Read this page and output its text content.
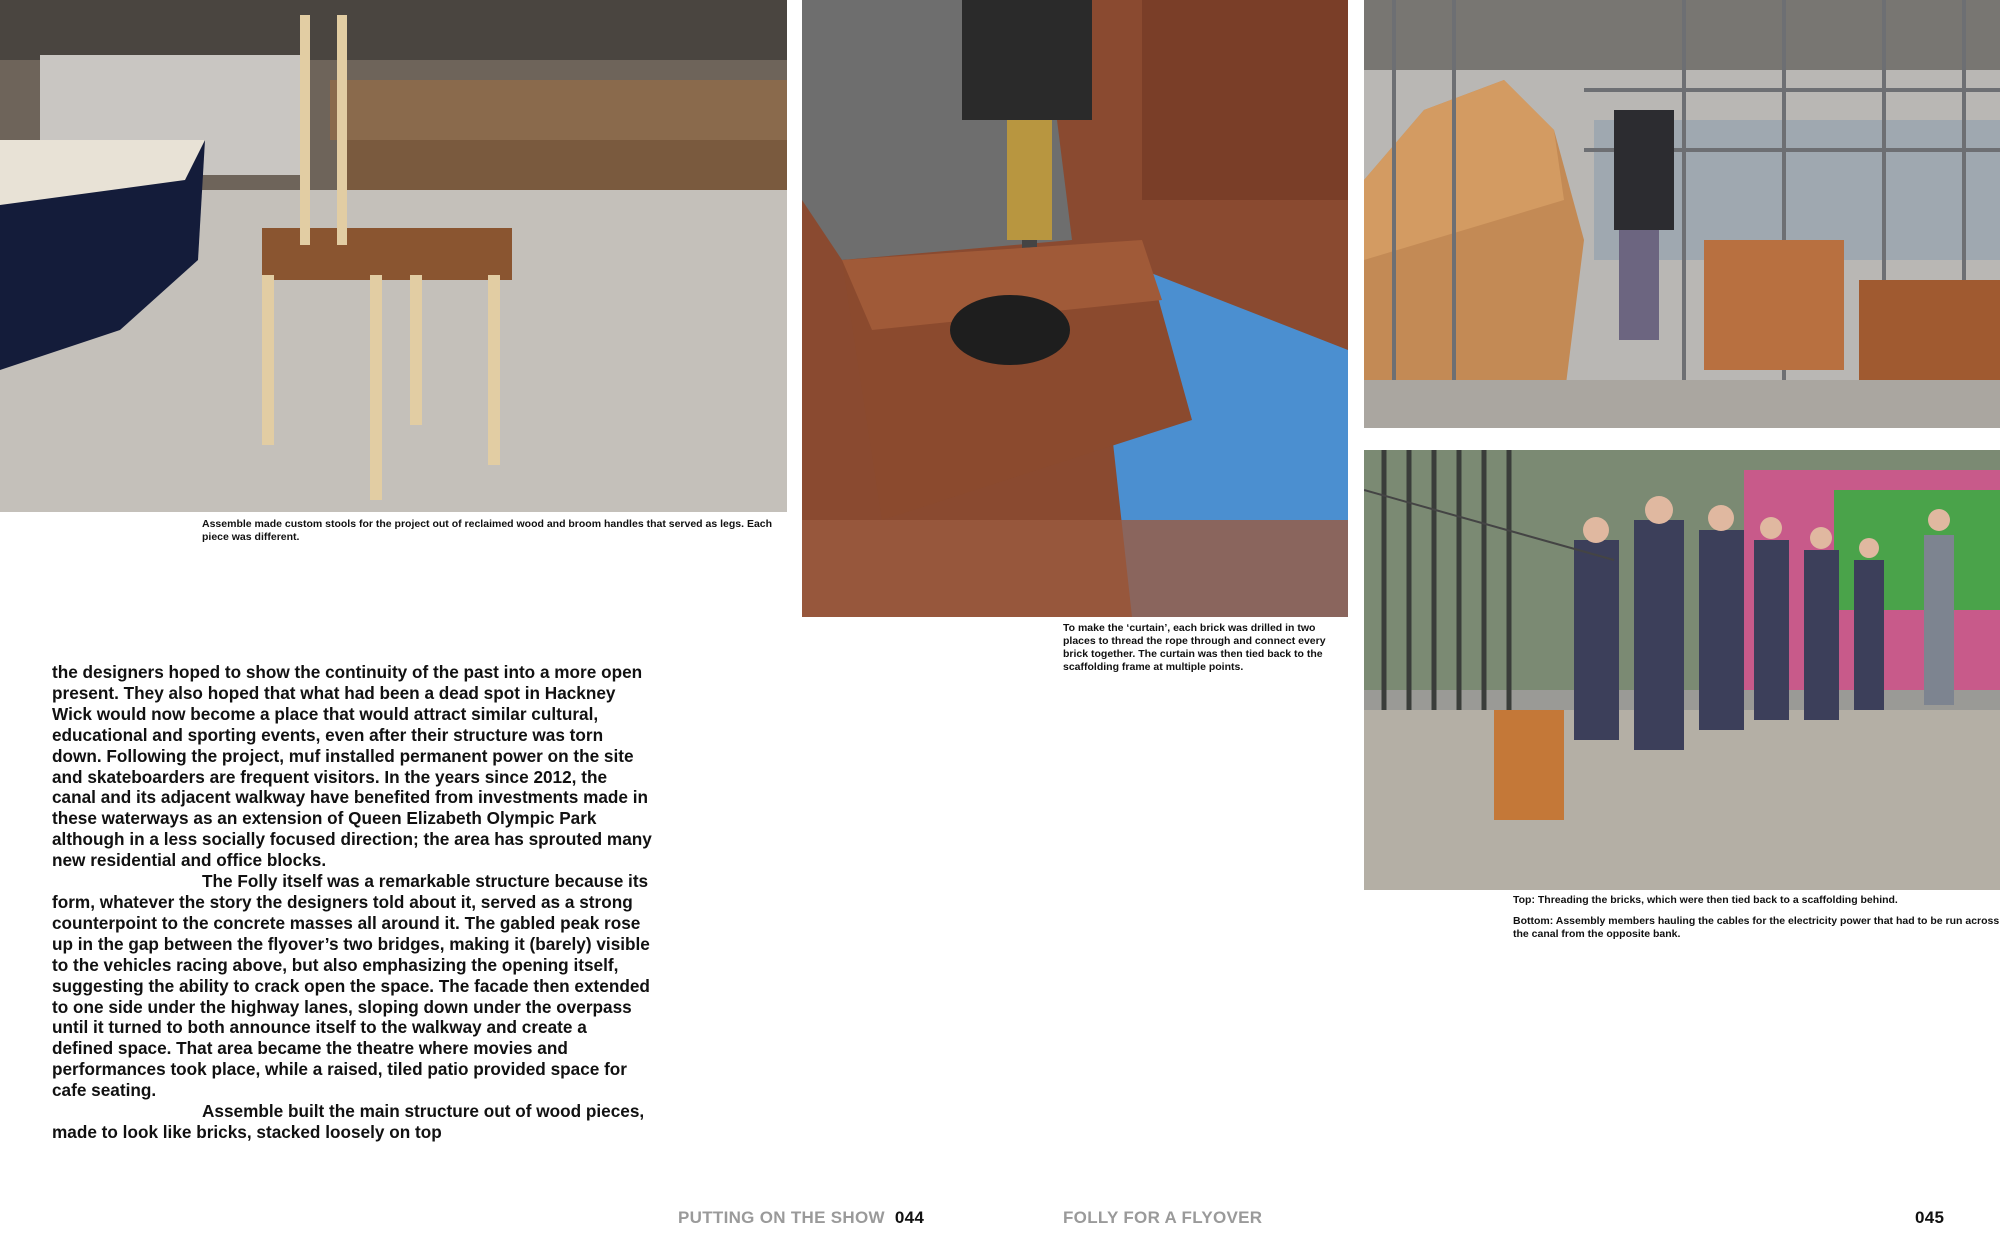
Assemble made custom stools for the project out of reclaimed wood and broom handles that served as legs. Each piece was different.

To make the ‘curtain’, each brick was drilled in two places to thread the rope through and connect every brick together. The curtain was then tied back to the scaffolding frame at multiple points.

Top: Threading the bricks, which were then tied back to a scaffolding behind.

Bottom: Assembly members hauling the cables for the electricity power that had to be run across the canal from the opposite bank.

the designers hoped to show the continuity of the past into a more open present. They also hoped that what had been a dead spot in Hackney Wick would now become a place that would attract similar cultural, educational and sporting events, even after their structure was torn down. Following the project, muf installed permanent power on the site and skateboarders are frequent visitors. In the years since 2012, the canal and its adjacent walkway have benefited from investments made in these waterways as an extension of Queen Elizabeth Olympic Park although in a less socially focused direction; the area has sprouted many new residential and office blocks.

The Folly itself was a remarkable structure because its form, whatever the story the designers told about it, served as a strong counterpoint to the concrete masses all around it. The gabled peak rose up in the gap between the flyover’s two bridges, making it (barely) visible to the vehicles racing above, but also emphasizing the opening itself, suggesting the ability to crack open the space. The facade then extended to one side under the highway lanes, sloping down under the overpass until it turned to both announce itself to the walkway and create a defined space. That area became the theatre where movies and performances took place, while a raised, tiled patio provided space for cafe seating.

Assemble built the main structure out of wood pieces, made to look like bricks, stacked loosely on top

PUTTING ON THE SHOW 044	FOLLY FOR A FLYOVER	045
